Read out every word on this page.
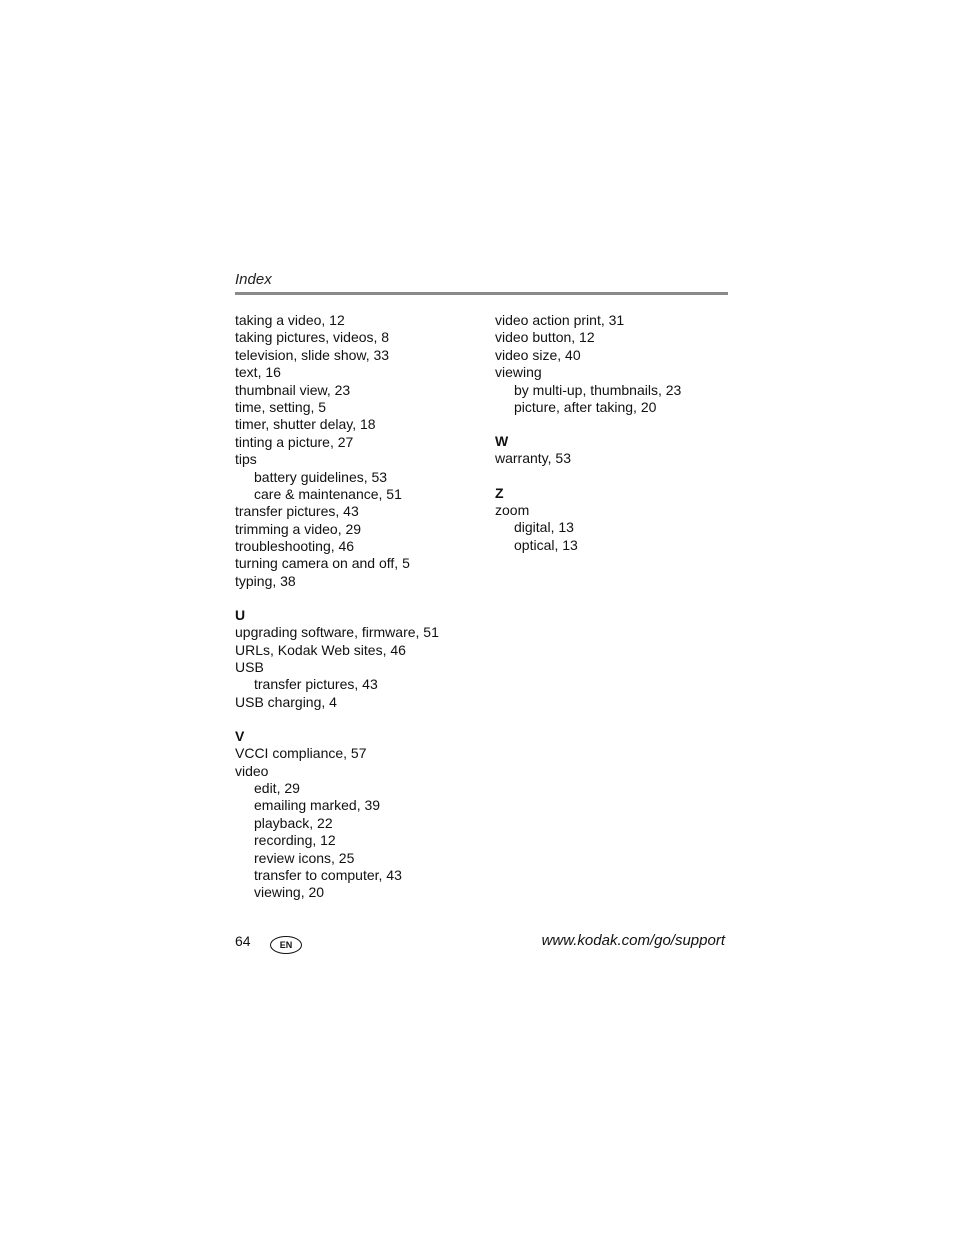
Index
taking a video, 12
taking pictures, videos, 8
television, slide show, 33
text, 16
thumbnail view, 23
time, setting, 5
timer, shutter delay, 18
tinting a picture, 27
tips
battery guidelines, 53
care & maintenance, 51
transfer pictures, 43
trimming a video, 29
troubleshooting, 46
turning camera on and off, 5
typing, 38
U
upgrading software, firmware, 51
URLs, Kodak Web sites, 46
USB
transfer pictures, 43
USB charging, 4
V
VCCI compliance, 57
video
edit, 29
emailing marked, 39
playback, 22
recording, 12
review icons, 25
transfer to computer, 43
viewing, 20
video action print, 31
video button, 12
video size, 40
viewing
by multi-up, thumbnails, 23
picture, after taking, 20
W
warranty, 53
Z
zoom
digital, 13
optical, 13
64	EN	www.kodak.com/go/support
